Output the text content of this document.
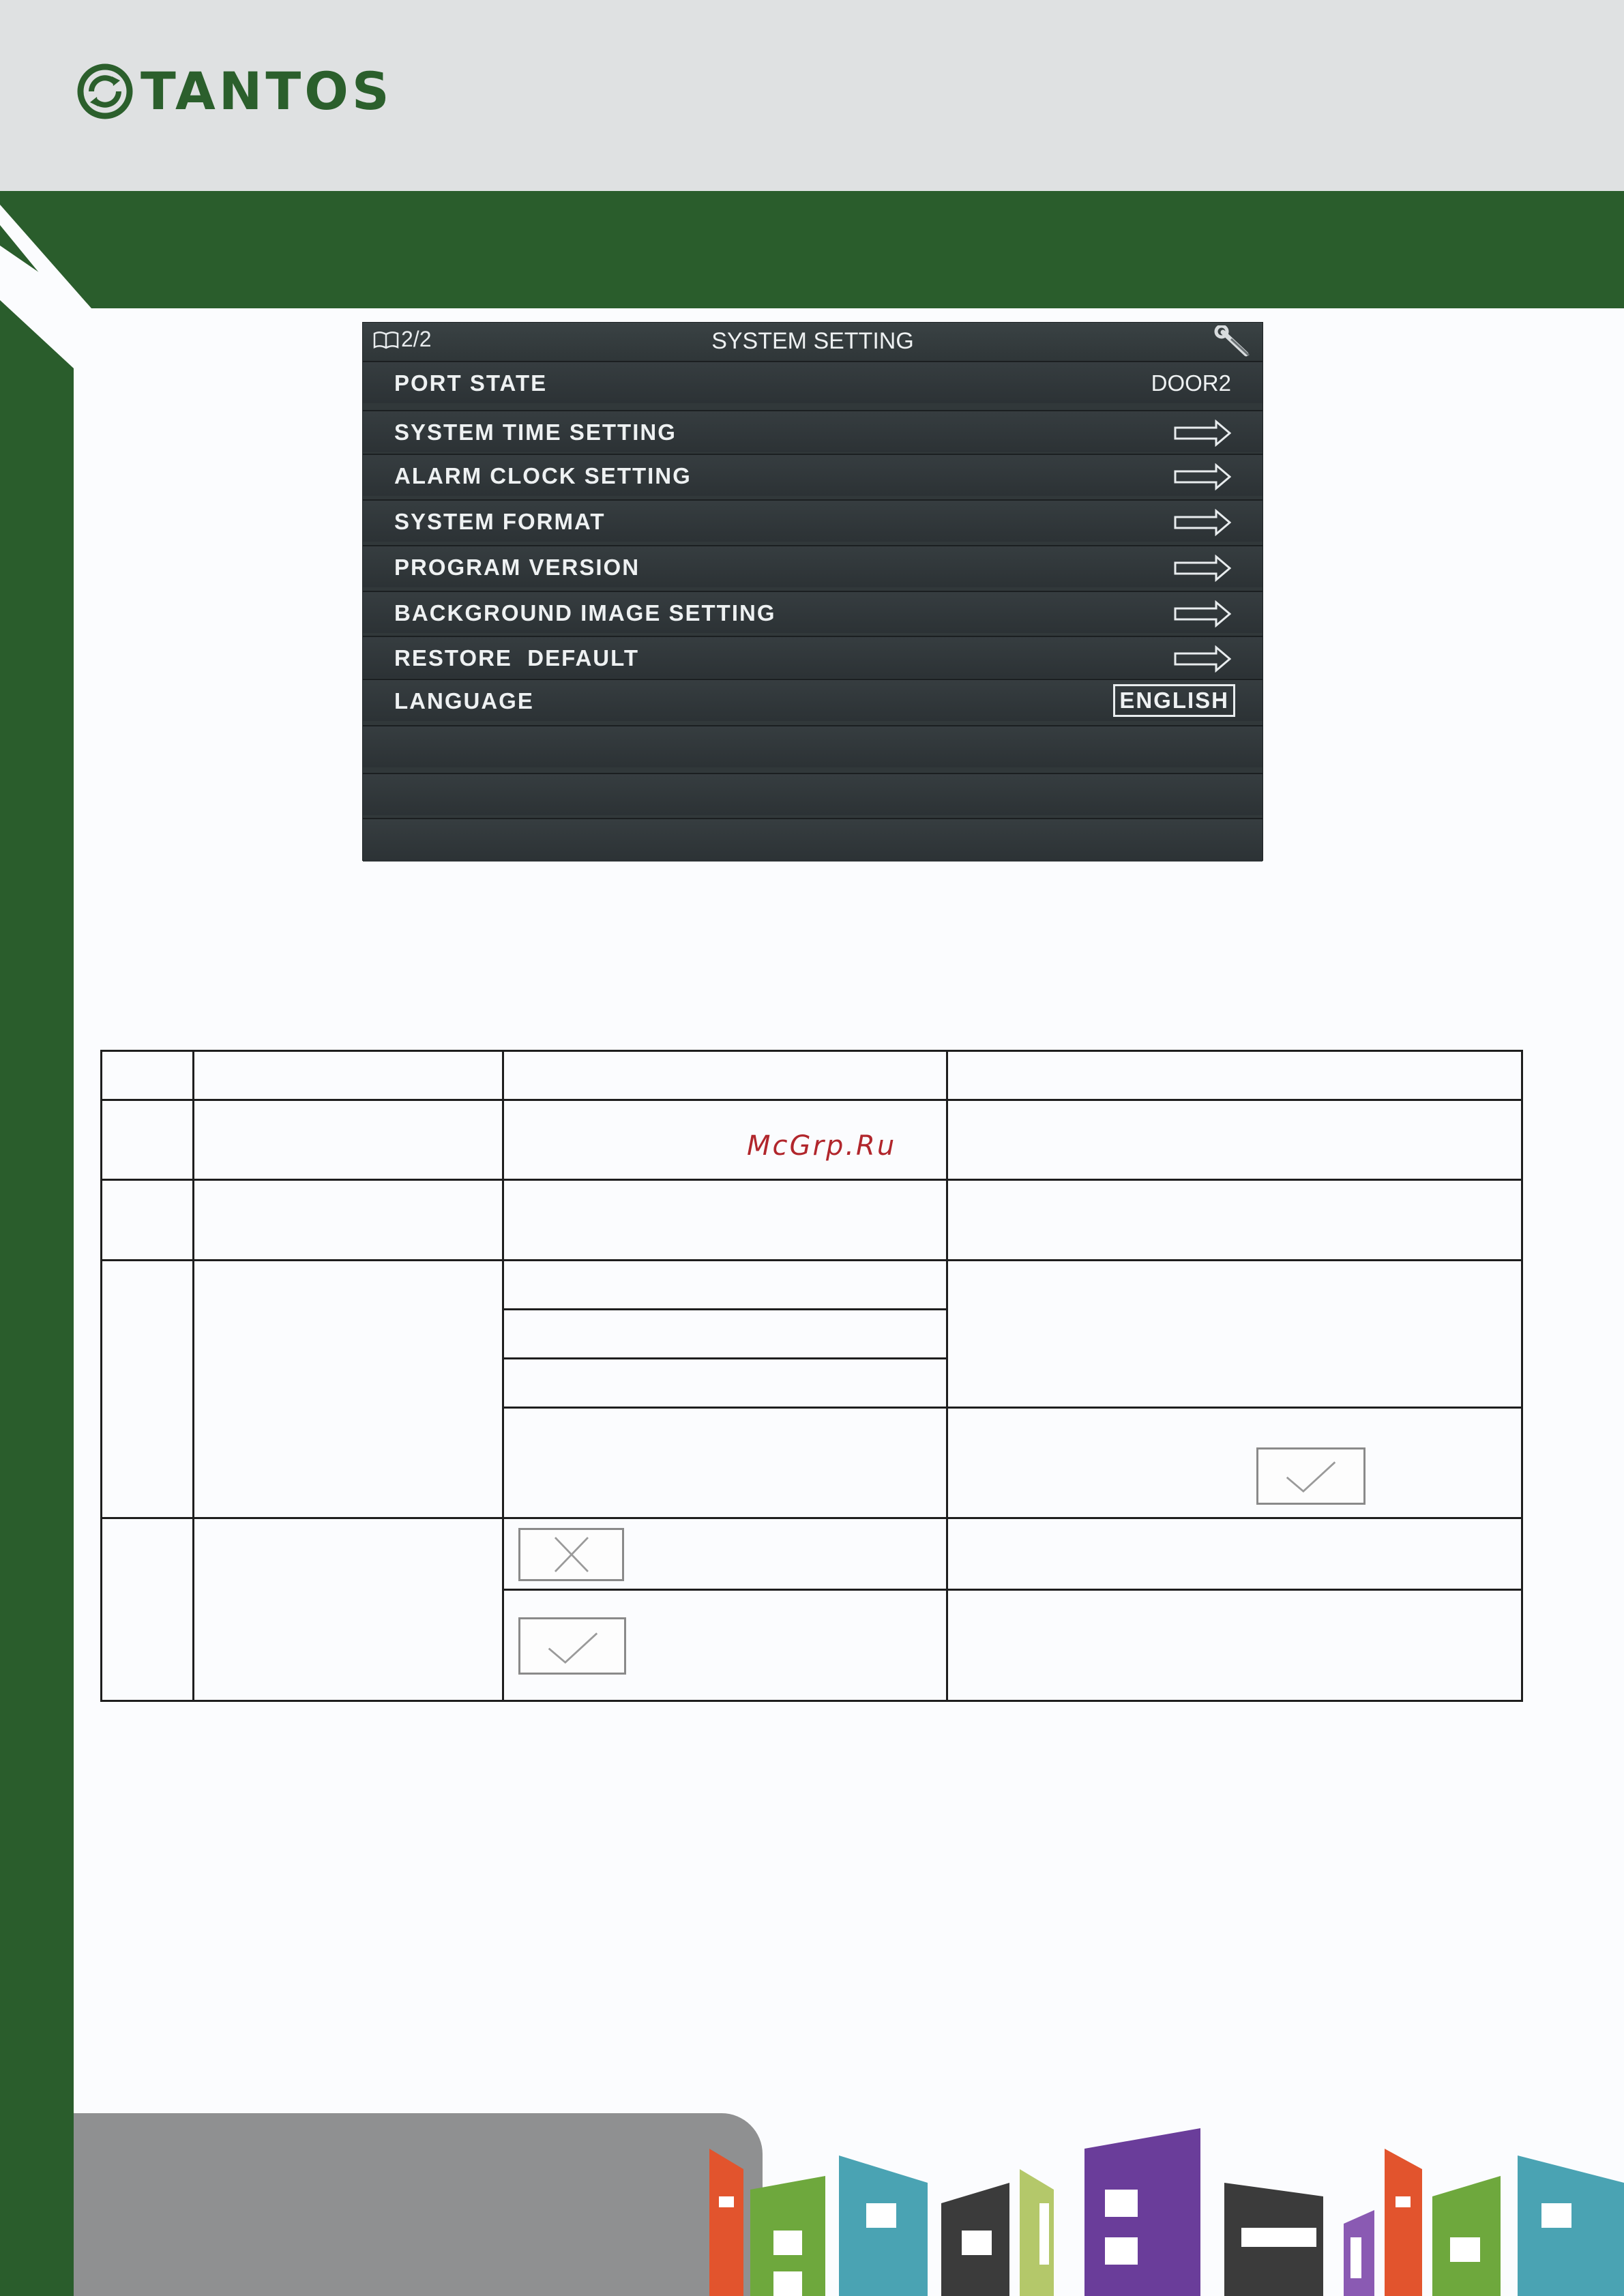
TANTOS
2/2	SYSTEM SETTING
PORT STATE	DOOR2
SYSTEM TIME SETTING
ALARM CLOCK SETTING
SYSTEM FORMAT
PROGRAM VERSION
BACKGROUND IMAGE SETTING
RESTORE  DEFAULT
LANGUAGE	ENGLISH
McGrp.Ru
